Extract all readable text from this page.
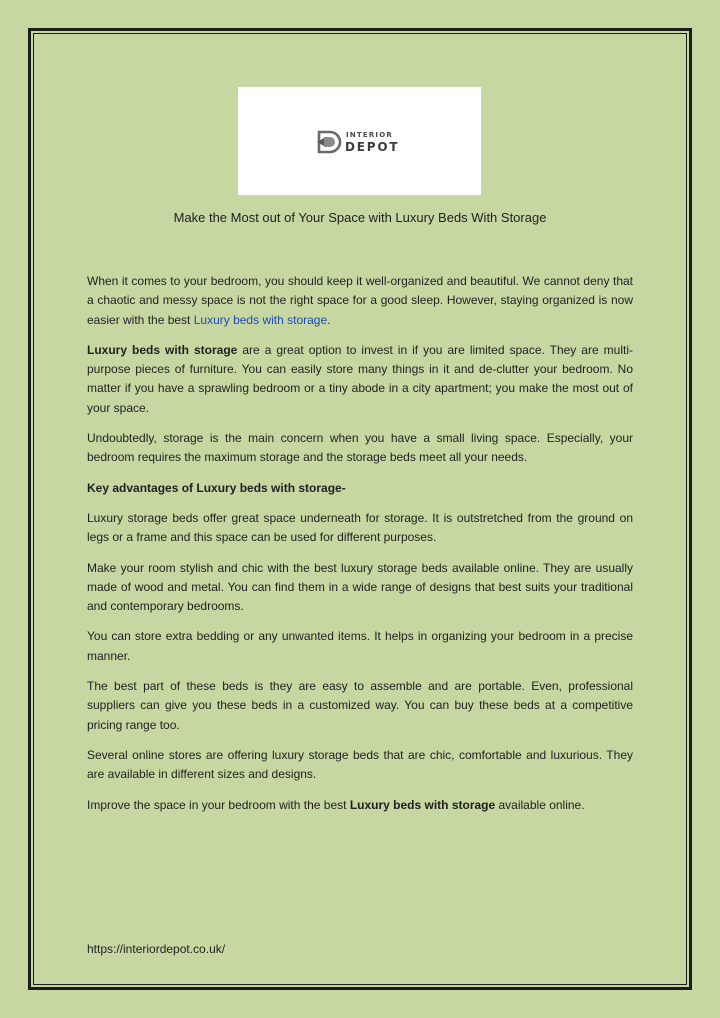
INTERIOR
DEPOT
Make the Most out of Your Space with Luxury Beds With Storage

When it comes to your bedroom, you should keep it well-organized and beautiful. We cannot deny that a chaotic and messy space is not the right space for a good sleep. However, staying organized is now easier with the best Luxury beds with storage.

Luxury beds with storage are a great option to invest in if you are limited space. They are multi-purpose pieces of furniture. You can easily store many things in it and de-clutter your bedroom. No matter if you have a sprawling bedroom or a tiny abode in a city apartment; you make the most out of your space.

Undoubtedly, storage is the main concern when you have a small living space. Especially, your bedroom requires the maximum storage and the storage beds meet all your needs.

Key advantages of Luxury beds with storage-

Luxury storage beds offer great space underneath for storage. It is outstretched from the ground on legs or a frame and this space can be used for different purposes.

Make your room stylish and chic with the best luxury storage beds available online. They are usually made of wood and metal. You can find them in a wide range of designs that best suits your traditional and contemporary bedrooms.

You can store extra bedding or any unwanted items. It helps in organizing your bedroom in a precise manner.

The best part of these beds is they are easy to assemble and are portable. Even, professional suppliers can give you these beds in a customized way. You can buy these beds at a competitive pricing range too.

Several online stores are offering luxury storage beds that are chic, comfortable and luxurious. They are available in different sizes and designs.

Improve the space in your bedroom with the best Luxury beds with storage available online.

https://interiordepot.co.uk/
